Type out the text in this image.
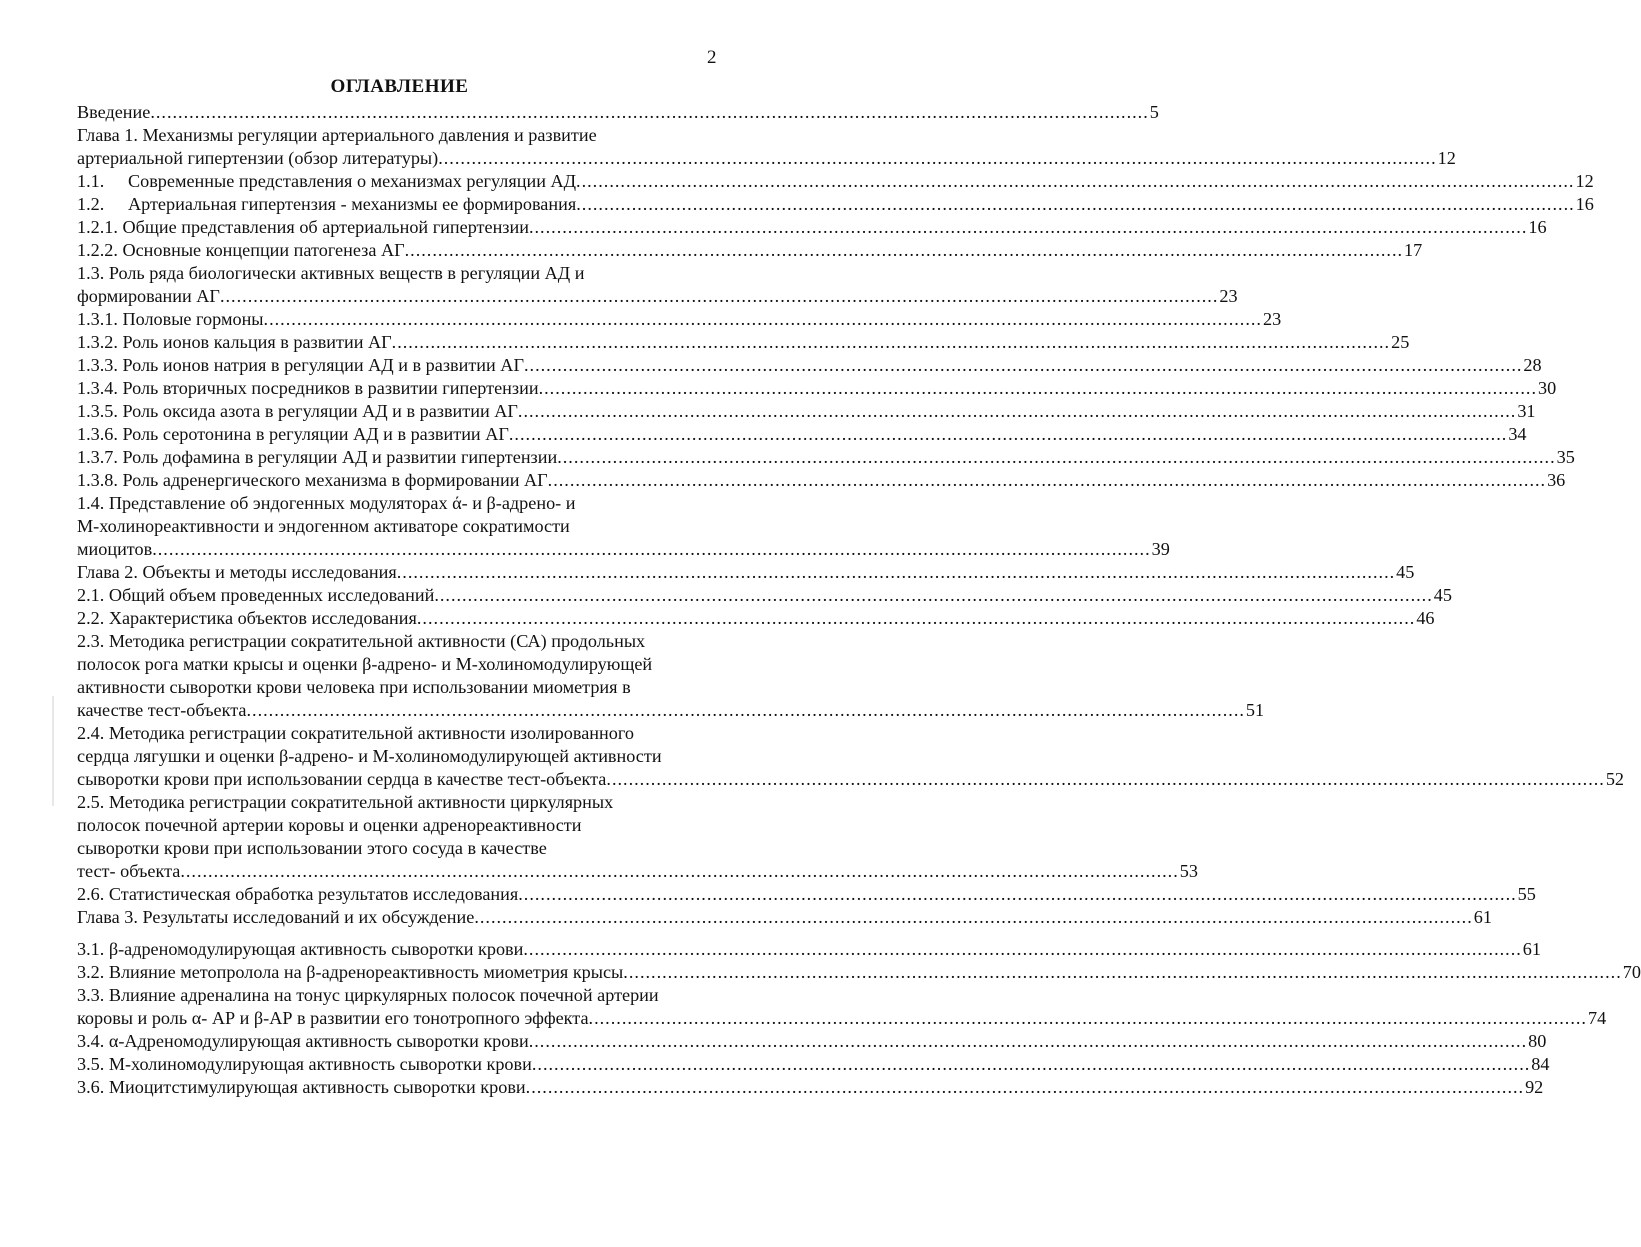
2
ОГЛАВЛЕНИЕ
Введение .................................................................................................................................................................................... 5
Глава 1. Механизмы регуляции артериального давления и развитие
артериальной гипертензии (обзор литературы) .................................................................................................................................................................................... 12
1.1.	Современные представления о механизмах регуляции АД .................................................................................................................................................................................... 12
1.2.	Артериальная гипертензия - механизмы ее формирования .................................................................................................................................................................................... 16
1.2.1. Общие представления об артериальной гипертензии .................................................................................................................................................................................... 16
1.2.2. Основные концепции патогенеза АГ .................................................................................................................................................................................... 17
1.3. Роль ряда биологически активных веществ в регуляции АД и
формировании АГ .................................................................................................................................................................................... 23
1.3.1. Половые гормоны .................................................................................................................................................................................... 23
1.3.2. Роль ионов кальция в развитии АГ .................................................................................................................................................................................... 25
1.3.3. Роль ионов натрия в регуляции АД и в развитии АГ .................................................................................................................................................................................... 28
1.3.4. Роль вторичных посредников в развитии гипертензии .................................................................................................................................................................................... 30
1.3.5. Роль оксида азота в регуляции АД и в развитии АГ .................................................................................................................................................................................... 31
1.3.6. Роль серотонина в регуляции АД и в развитии АГ .................................................................................................................................................................................... 34
1.3.7. Роль дофамина в регуляции АД и развитии гипертензии .................................................................................................................................................................................... 35
1.3.8. Роль адренергического механизма в формировании АГ .................................................................................................................................................................................... 36
1.4. Представление об эндогенных модуляторах ά- и β-адрено- и
М-холинореактивности и эндогенном активаторе сократимости
миоцитов .................................................................................................................................................................................... 39
Глава 2. Объекты и методы исследования .................................................................................................................................................................................... 45
2.1. Общий объем проведенных исследований .................................................................................................................................................................................... 45
2.2. Характеристика объектов исследования .................................................................................................................................................................................... 46
2.3. Методика регистрации сократительной активности (СА) продольных
полосок рога матки крысы и оценки β-адрено- и М-холиномодулирующей
активности сыворотки крови человека при использовании миометрия в
качестве тест-объекта .................................................................................................................................................................................... 51
2.4. Методика регистрации сократительной активности изолированного
сердца лягушки и оценки β-адрено- и М-холиномодулирующей активности
сыворотки крови при использовании сердца в качестве тест-объекта .................................................................................................................................................................................... 52
2.5. Методика регистрации сократительной активности циркулярных
полосок почечной артерии коровы и оценки адренореактивности
сыворотки крови при использовании этого сосуда в качестве
тест- объекта .................................................................................................................................................................................... 53
2.6. Статистическая обработка результатов исследования .................................................................................................................................................................................... 55
Глава 3. Результаты исследований и их обсуждение .................................................................................................................................................................................... 61
3.1. β-адреномодулирующая активность сыворотки крови .................................................................................................................................................................................... 61
3.2. Влияние метопролола на β-адренореактивность миометрия крысы .................................................................................................................................................................................... 70
3.3. Влияние адреналина на тонус циркулярных полосок почечной артерии
коровы и роль α- АР и β-АР в развитии его тонотропного эффекта .................................................................................................................................................................................... 74
3.4. α-Адреномодулирующая активность сыворотки крови .................................................................................................................................................................................... 80
3.5. М-холиномодулирующая активность сыворотки крови .................................................................................................................................................................................... 84
3.6. Миоцитстимулирующая активность сыворотки крови .................................................................................................................................................................................... 92
